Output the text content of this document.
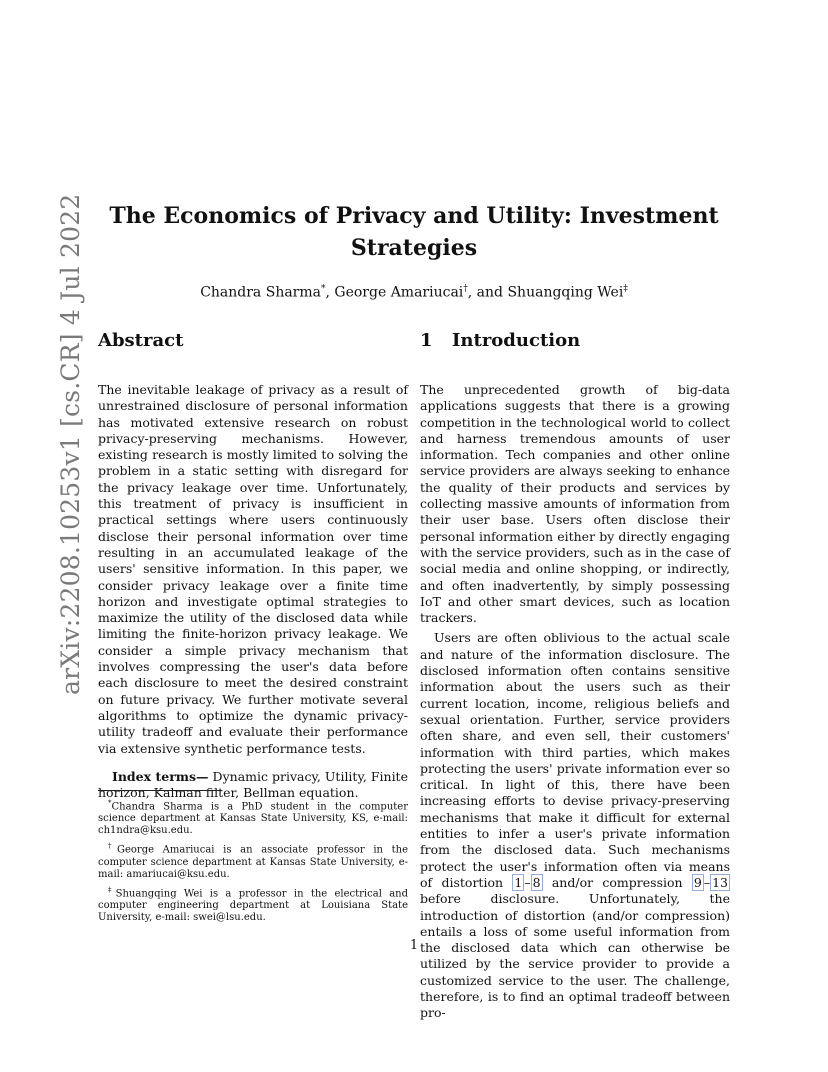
arXiv:2208.10253v1 [cs.CR] 4 Jul 2022	The Economics of Privacy and Utility: Investment Strategies

Chandra Sharma*, George Amariucai†, and Shuangqing Wei‡

Abstract

The inevitable leakage of privacy as a result of unrestrained disclosure of personal information has motivated extensive research on robust privacy-preserving mechanisms. However, existing research is mostly limited to solving the problem in a static setting with disregard for the privacy leakage over time. Unfortunately, this treatment of privacy is insufficient in practical settings where users continuously disclose their personal information over time resulting in an accumulated leakage of the users' sensitive information. In this paper, we consider privacy leakage over a finite time horizon and investigate optimal strategies to maximize the utility of the disclosed data while limiting the finite-horizon privacy leakage. We consider a simple privacy mechanism that involves compressing the user's data before each disclosure to meet the desired constraint on future privacy. We further motivate several algorithms to optimize the dynamic privacy-utility tradeoff and evaluate their performance via extensive synthetic performance tests.

Index terms— Dynamic privacy, Utility, Finite horizon, Kalman filter, Bellman equation.

*Chandra Sharma is a PhD student in the computer science department at Kansas State University, KS, e-mail: ch1ndra@ksu.edu.

†George Amariucai is an associate professor in the computer science department at Kansas State University, e-mail: amariucai@ksu.edu.

‡Shuangqing Wei is a professor in the electrical and computer engineering department at Louisiana State University, e-mail: swei@lsu.edu.

1 Introduction

The unprecedented growth of big-data applications suggests that there is a growing competition in the technological world to collect and harness tremendous amounts of user information. Tech companies and other online service providers are always seeking to enhance the quality of their products and services by collecting massive amounts of information from their user base. Users often disclose their personal information either by directly engaging with the service providers, such as in the case of social media and online shopping, or indirectly, and often inadvertently, by simply possessing IoT and other smart devices, such as location trackers.

Users are often oblivious to the actual scale and nature of the information disclosure. The disclosed information often contains sensitive information about the users such as their current location, income, religious beliefs and sexual orientation. Further, service providers often share, and even sell, their customers' information with third parties, which makes protecting the users' private information ever so critical. In light of this, there have been increasing efforts to devise privacy-preserving mechanisms that make it difficult for external entities to infer a user's private information from the disclosed data. Such mechanisms protect the user's information often via means of distortion 1 – 8 and/or compression 9 – 13 before disclosure. Unfortunately, the introduction of distortion (and/or compression) entails a loss of some useful information from the disclosed data which can otherwise be utilized by the service provider to provide a customized service to the user. The challenge, therefore, is to find an optimal tradeoff between pro-

1
